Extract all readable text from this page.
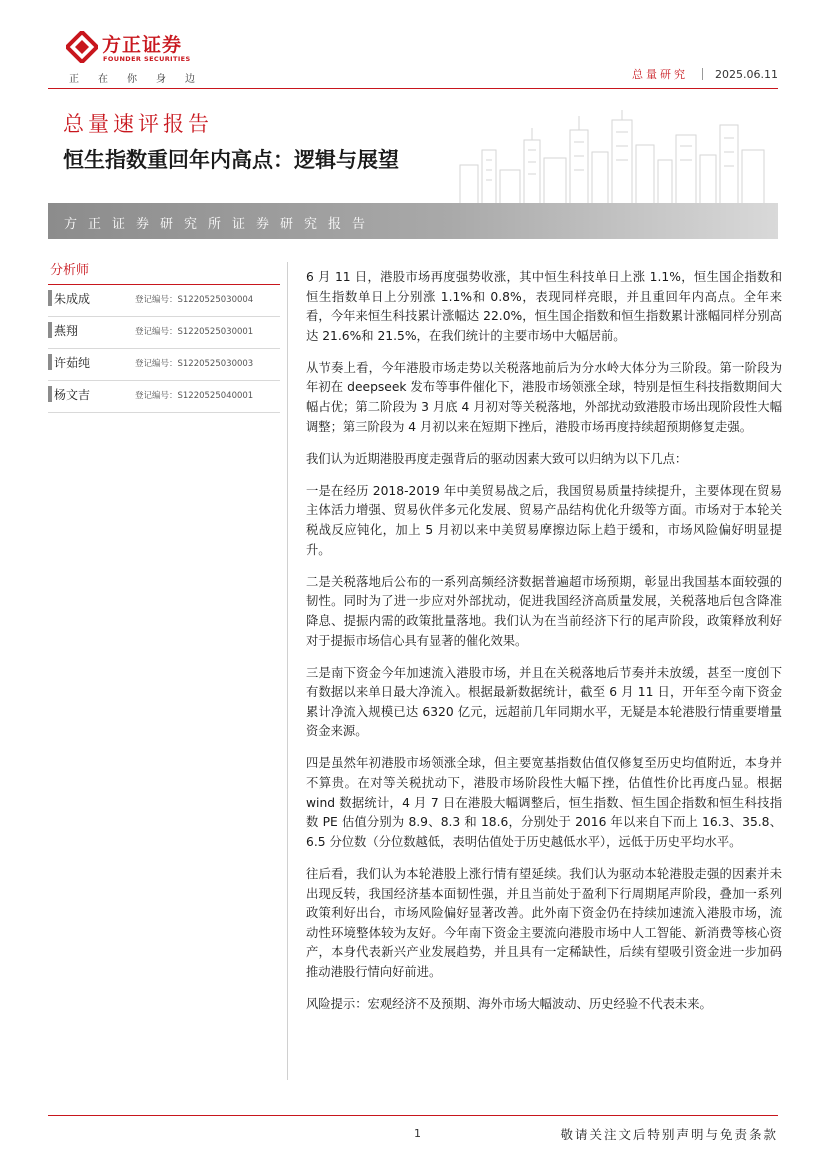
方正证券
FOUNDER SECURITIES
正在你身边	总量研究 2025.06.11
总量速评报告
恒生指数重回年内高点：逻辑与展望
方正证券研究所证券研究报告
分析师
朱成成	登记编号：S1220525030004
燕翔	登记编号：S1220525030001
许茹纯	登记编号：S1220525030003
杨文吉	登记编号：S1220525040001

6 月 11 日，港股市场再度强势收涨，其中恒生科技单日上涨 1.1%，恒生国企指数和恒生指数单日上分别涨 1.1%和 0.8%，表现同样亮眼，并且重回年内高点。全年来看，今年来恒生科技累计涨幅达 22.0%，恒生国企指数和恒生指数累计涨幅同样分别高达 21.6%和 21.5%，在我们统计的主要市场中大幅居前。

从节奏上看，今年港股市场走势以关税落地前后为分水岭大体分为三阶段。第一阶段为年初在 deepseek 发布等事件催化下，港股市场领涨全球，特别是恒生科技指数期间大幅占优；第二阶段为 3 月底 4 月初对等关税落地，外部扰动致港股市场出现阶段性大幅调整；第三阶段为 4 月初以来在短期下挫后，港股市场再度持续超预期修复走强。

我们认为近期港股再度走强背后的驱动因素大致可以归纳为以下几点：

一是在经历 2018-2019 年中美贸易战之后，我国贸易质量持续提升，主要体现在贸易主体活力增强、贸易伙伴多元化发展、贸易产品结构优化升级等方面。市场对于本轮关税战反应钝化，加上 5 月初以来中美贸易摩擦边际上趋于缓和，市场风险偏好明显提升。

二是关税落地后公布的一系列高频经济数据普遍超市场预期，彰显出我国基本面较强的韧性。同时为了进一步应对外部扰动，促进我国经济高质量发展，关税落地后包含降准降息、提振内需的政策批量落地。我们认为在当前经济下行的尾声阶段，政策释放利好对于提振市场信心具有显著的催化效果。

三是南下资金今年加速流入港股市场，并且在关税落地后节奏并未放缓，甚至一度创下有数据以来单日最大净流入。根据最新数据统计，截至 6 月 11 日，开年至今南下资金累计净流入规模已达 6320 亿元，远超前几年同期水平，无疑是本轮港股行情重要增量资金来源。

四是虽然年初港股市场领涨全球，但主要宽基指数估值仅修复至历史均值附近，本身并不算贵。在对等关税扰动下，港股市场阶段性大幅下挫，估值性价比再度凸显。根据 wind 数据统计，4 月 7 日在港股大幅调整后，恒生指数、恒生国企指数和恒生科技指数 PE 估值分别为 8.9、8.3 和 18.6，分别处于 2016 年以来自下而上 16.3、35.8、6.5 分位数（分位数越低，表明估值处于历史越低水平），远低于历史平均水平。

往后看，我们认为本轮港股上涨行情有望延续。我们认为驱动本轮港股走强的因素并未出现反转，我国经济基本面韧性强，并且当前处于盈利下行周期尾声阶段，叠加一系列政策利好出台，市场风险偏好显著改善。此外南下资金仍在持续加速流入港股市场，流动性环境整体较为友好。今年南下资金主要流向港股市场中人工智能、新消费等核心资产，本身代表新兴产业发展趋势，并且具有一定稀缺性，后续有望吸引资金进一步加码推动港股行情向好前进。

风险提示：宏观经济不及预期、海外市场大幅波动、历史经验不代表未来。

1	敬请关注文后特别声明与免责条款
